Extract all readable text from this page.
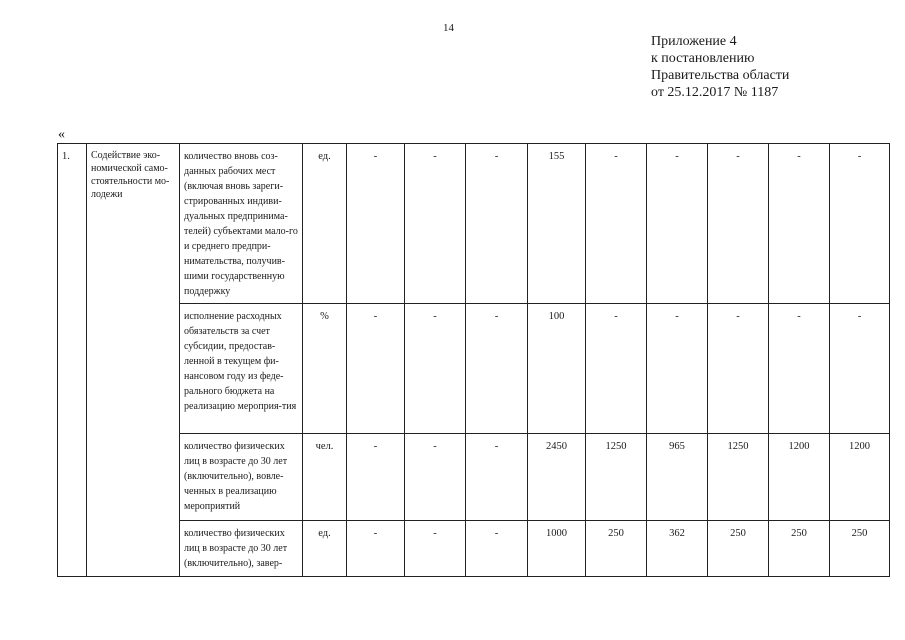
14
Приложение 4
к постановлению
Правительства области
от 25.12.2017 № 1187
«
1.	Содействие эко-номической само-стоятельности мо-лодежи	количество вновь соз-данных рабочих мест (включая вновь зареги-стрированных индиви-дуальных предпринима-телей) субъектами мало-го и среднего предпри-нимательства, получив-шими государственную поддержку	ед.	-	-	-	155	-	-	-	-	-
		исполнение расходных обязательств за счет субсидии, предостав-ленной в текущем фи-нансовом году из феде-рального бюджета на реализацию мероприя-тия	%	-	-	-	100	-	-	-	-	-
		количество физических лиц в возрасте до 30 лет (включительно), вовле-ченных в реализацию мероприятий	чел.	-	-	-	2450	1250	965	1250	1200	1200
		количество физических лиц в возрасте до 30 лет (включительно), завер-	ед.	-	-	-	1000	250	362	250	250	250
